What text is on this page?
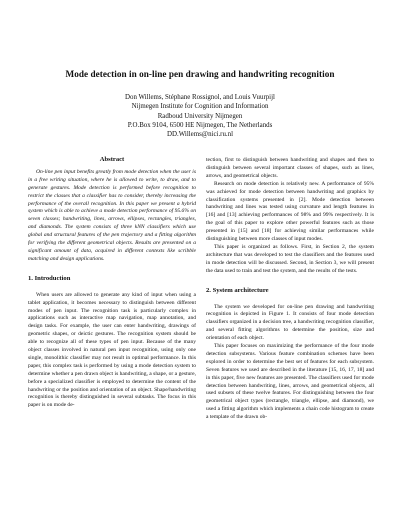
Mode detection in on-line pen drawing and handwriting recognition
Don Willems, Stéphane Rossignol, and Louis Vuurpijl
Nijmegen Institute for Cognition and Information
Radboud University Nijmegen
P.O.Box 9104, 6500 HE Nijmegen, The Netherlands
DD.Willems@nici.ru.nl
Abstract

On-line pen input benefits greatly from mode detection when the user is in a free writing situation, where he is allowed to write, to draw, and to generate gestures. Mode detection is performed before recognition to restrict the classes that a classifier has to consider, thereby increasing the performance of the overall recognition. In this paper we present a hybrid system which is able to achieve a mode detection performance of 95.6% on seven classes; handwriting, lines, arrows, ellipses, rectangles, triangles, and diamonds. The system consists of three kNN classifiers which use global and structural features of the pen trajectory and a fitting algorithm for verifying the different geometrical objects. Results are presented on a significant amount of data, acquired in different contexts like scribble matching and design applications.

1. Introduction

When users are allowed to generate any kind of input when using a tablet application, it becomes necessary to distinguish between different modes of pen input. The recognition task is particularly complex in applications such as interactive map navigation, map annotation, and design tasks. For example, the user can enter handwriting, drawings of geometric shapes, or deictic gestures. The recognition system should be able to recognize all of these types of pen input. Because of the many object classes involved in natural pen input recognition, using only one single, monolithic classifier may not result in optimal performance. In this paper, this complex task is performed by using a mode detection system to determine whether a pen drawn object is handwriting, a shape, or a gesture, before a specialized classifier is employed to determine the content of the handwriting or the position and orientation of an object. Shape/handwriting recognition is thereby distinguished in several subtasks. The focus in this paper is on mode de-

tection, first to distinguish between handwriting and shapes and then to distinguish between several important classes of shapes, such as lines, arrows, and geometrical objects.

Research on mode detection is relatively new. A performance of 95% was achieved for mode detection between handwriting and graphics by classification systems presented in [2]. Mode detection between handwriting and lines was tested using curvature and length features in [16] and [13] achieving performances of 98% and 99% respectively. It is the goal of this paper to explore other powerful features such as those presented in [15] and [18] for achieving similar performances while distinguishing between more classes of input modes.

This paper is organized as follows. First, in Section 2, the system architecture that was developed to test the classifiers and the features used in mode detection will be discussed. Second, in Section 3, we will present the data used to train and test the system, and the results of the tests.

2. System architecture

The system we developed for on-line pen drawing and handwriting recognition is depicted in Figure 1. It consists of four mode detection classifiers organized in a decision tree, a handwriting recognition classifier, and several fitting algorithms to determine the position, size and orientation of each object.

This paper focuses on maximizing the performance of the four mode detection subsystems. Various feature combination schemes have been explored in order to determine the best set of features for each subsystem. Seven features we used are described in the literature [15, 16, 17, 18] and in this paper, five new features are presented. The classifiers used for mode detection between handwriting, lines, arrows, and geometrical objects, all used subsets of these twelve features. For distinguishing between the four geometrical object types (rectangle, triangle, ellipse, and diamond), we used a fitting algorithm which implements a chain code histogram to create a template of the drawn ob-
